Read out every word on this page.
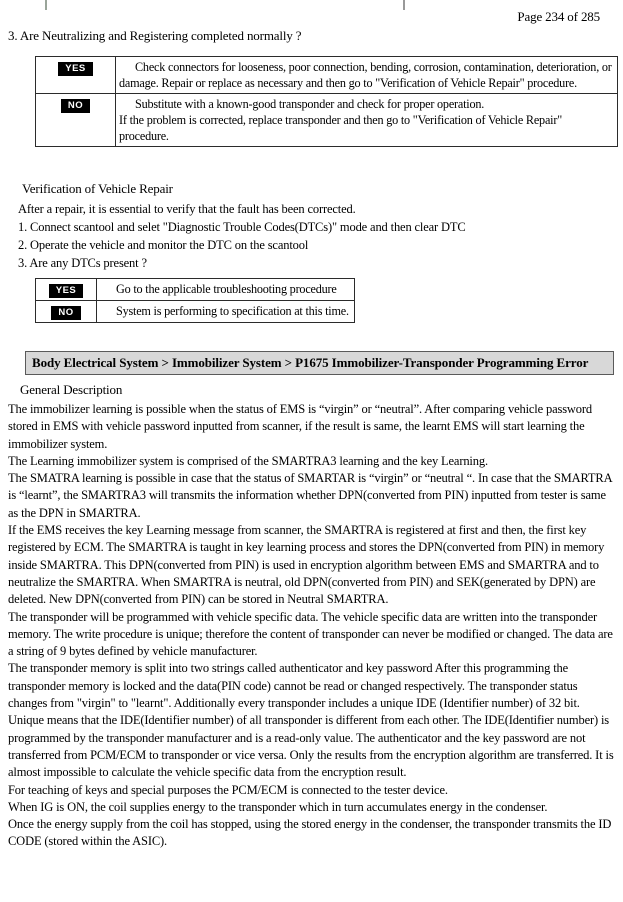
Page 234 of 285
3. Are Neutralizing and Registering completed normally ?
YES	Check connectors for looseness, poor connection, bending, corrosion, contamination, deterioration, or damage. Repair or replace as necessary and then go to "Verification of Vehicle Repair" procedure.

NO	Substitute with a known-good transponder and check for proper operation.

If the problem is corrected, replace transponder and then go to "Verification of Vehicle Repair" procedure.

Verification of Vehicle Repair
After a repair, it is essential to verify that the fault has been corrected.
1. Connect scantool and selet "Diagnostic Trouble Codes(DTCs)" mode and then clear DTC
2. Operate the vehicle and monitor the DTC on the scantool
3. Are any DTCs present ?
YES	Go to the applicable troubleshooting procedure

NO	System is performing to specification at this time.

Body Electrical System > Immobilizer System > P1675 Immobilizer-Transponder Programming Error
General Description

The immobilizer learning is possible when the status of EMS is “virgin” or “neutral”. After comparing vehicle password stored in EMS with vehicle password inputted from scanner, if the result is same, the learnt EMS will start learning the immobilizer system.

The Learning immobilizer system is comprised of the SMARTRA3 learning and the key Learning.

The SMATRA learning is possible in case that the status of SMARTAR is “virgin” or “neutral “. In case that the SMARTRA is “learnt”, the SMARTRA3 will transmits the information whether DPN(converted from PIN) inputted from tester is same as the DPN in SMARTRA.

If the EMS receives the key Learning message from scanner, the SMARTRA is registered at first and then, the first key registered by ECM. The SMARTRA is taught in key learning process and stores the DPN(converted from PIN) in memory inside SMARTRA. This DPN(converted from PIN) is used in encryption algorithm between EMS and SMARTRA and to neutralize the SMARTRA. When SMARTRA is neutral, old DPN(converted from PIN) and SEK(generated by DPN) are deleted. New DPN(converted from PIN) can be stored in Neutral SMARTRA.

The transponder will be programmed with vehicle specific data. The vehicle specific data are written into the transponder memory. The write procedure is unique; therefore the content of transponder can never be modified or changed. The data are a string of 9 bytes defined by vehicle manufacturer.

The transponder memory is split into two strings called authenticator and key password After this programming the transponder memory is locked and the data(PIN code) cannot be read or changed respectively. The transponder status changes from "virgin" to "learnt". Additionally every transponder includes a unique IDE (Identifier number) of 32 bit. Unique means that the IDE(Identifier number) of all transponder is different from each other. The IDE(Identifier number) is programmed by the transponder manufacturer and is a read-only value. The authenticator and the key password are not transferred from PCM/ECM to transponder or vice versa. Only the results from the encryption algorithm are transferred. It is almost impossible to calculate the vehicle specific data from the encryption result.

For teaching of keys and special purposes the PCM/ECM is connected to the tester device.

When IG is ON, the coil supplies energy to the transponder which in turn accumulates energy in the condenser.

Once the energy supply from the coil has stopped, using the stored energy in the condenser, the transponder transmits the ID CODE (stored within the ASIC).
